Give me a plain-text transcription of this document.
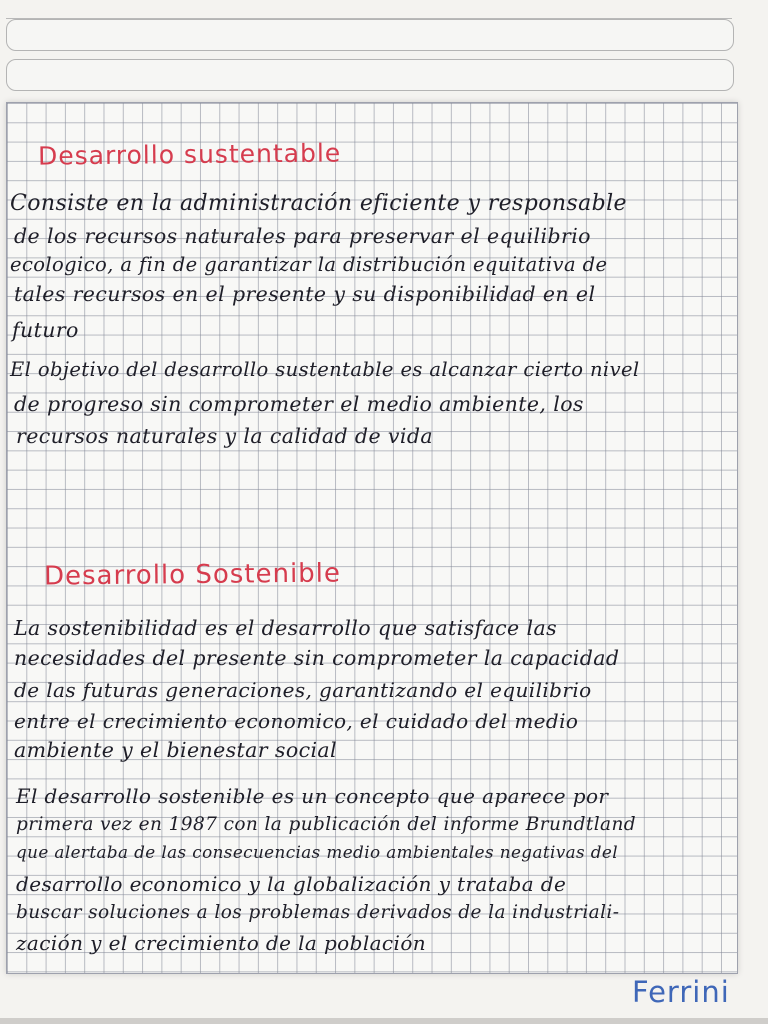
Desarrollo sustentable
Consiste en la administración eficiente y responsable
de los recursos naturales para preservar el equilibrio
ecologico, a fin de garantizar la distribución equitativa de
tales recursos en el presente y su disponibilidad en el
futuro
El objetivo del desarrollo sustentable es alcanzar cierto nivel
de progreso sin comprometer el medio ambiente, los
recursos naturales y la calidad de vida
Desarrollo Sostenible
La sostenibilidad es el desarrollo que satisface las
necesidades del presente sin comprometer la capacidad
de las futuras generaciones, garantizando el equilibrio
entre el crecimiento economico, el cuidado del medio
ambiente y el bienestar social
El desarrollo sostenible es un concepto que aparece por
primera vez en 1987 con la publicación del informe Brundtland
que alertaba de las consecuencias medio ambientales negativas del
desarrollo economico y la globalización y trataba de
buscar soluciones a los problemas derivados de la industriali-
zación y el crecimiento de la población
Ferrini
